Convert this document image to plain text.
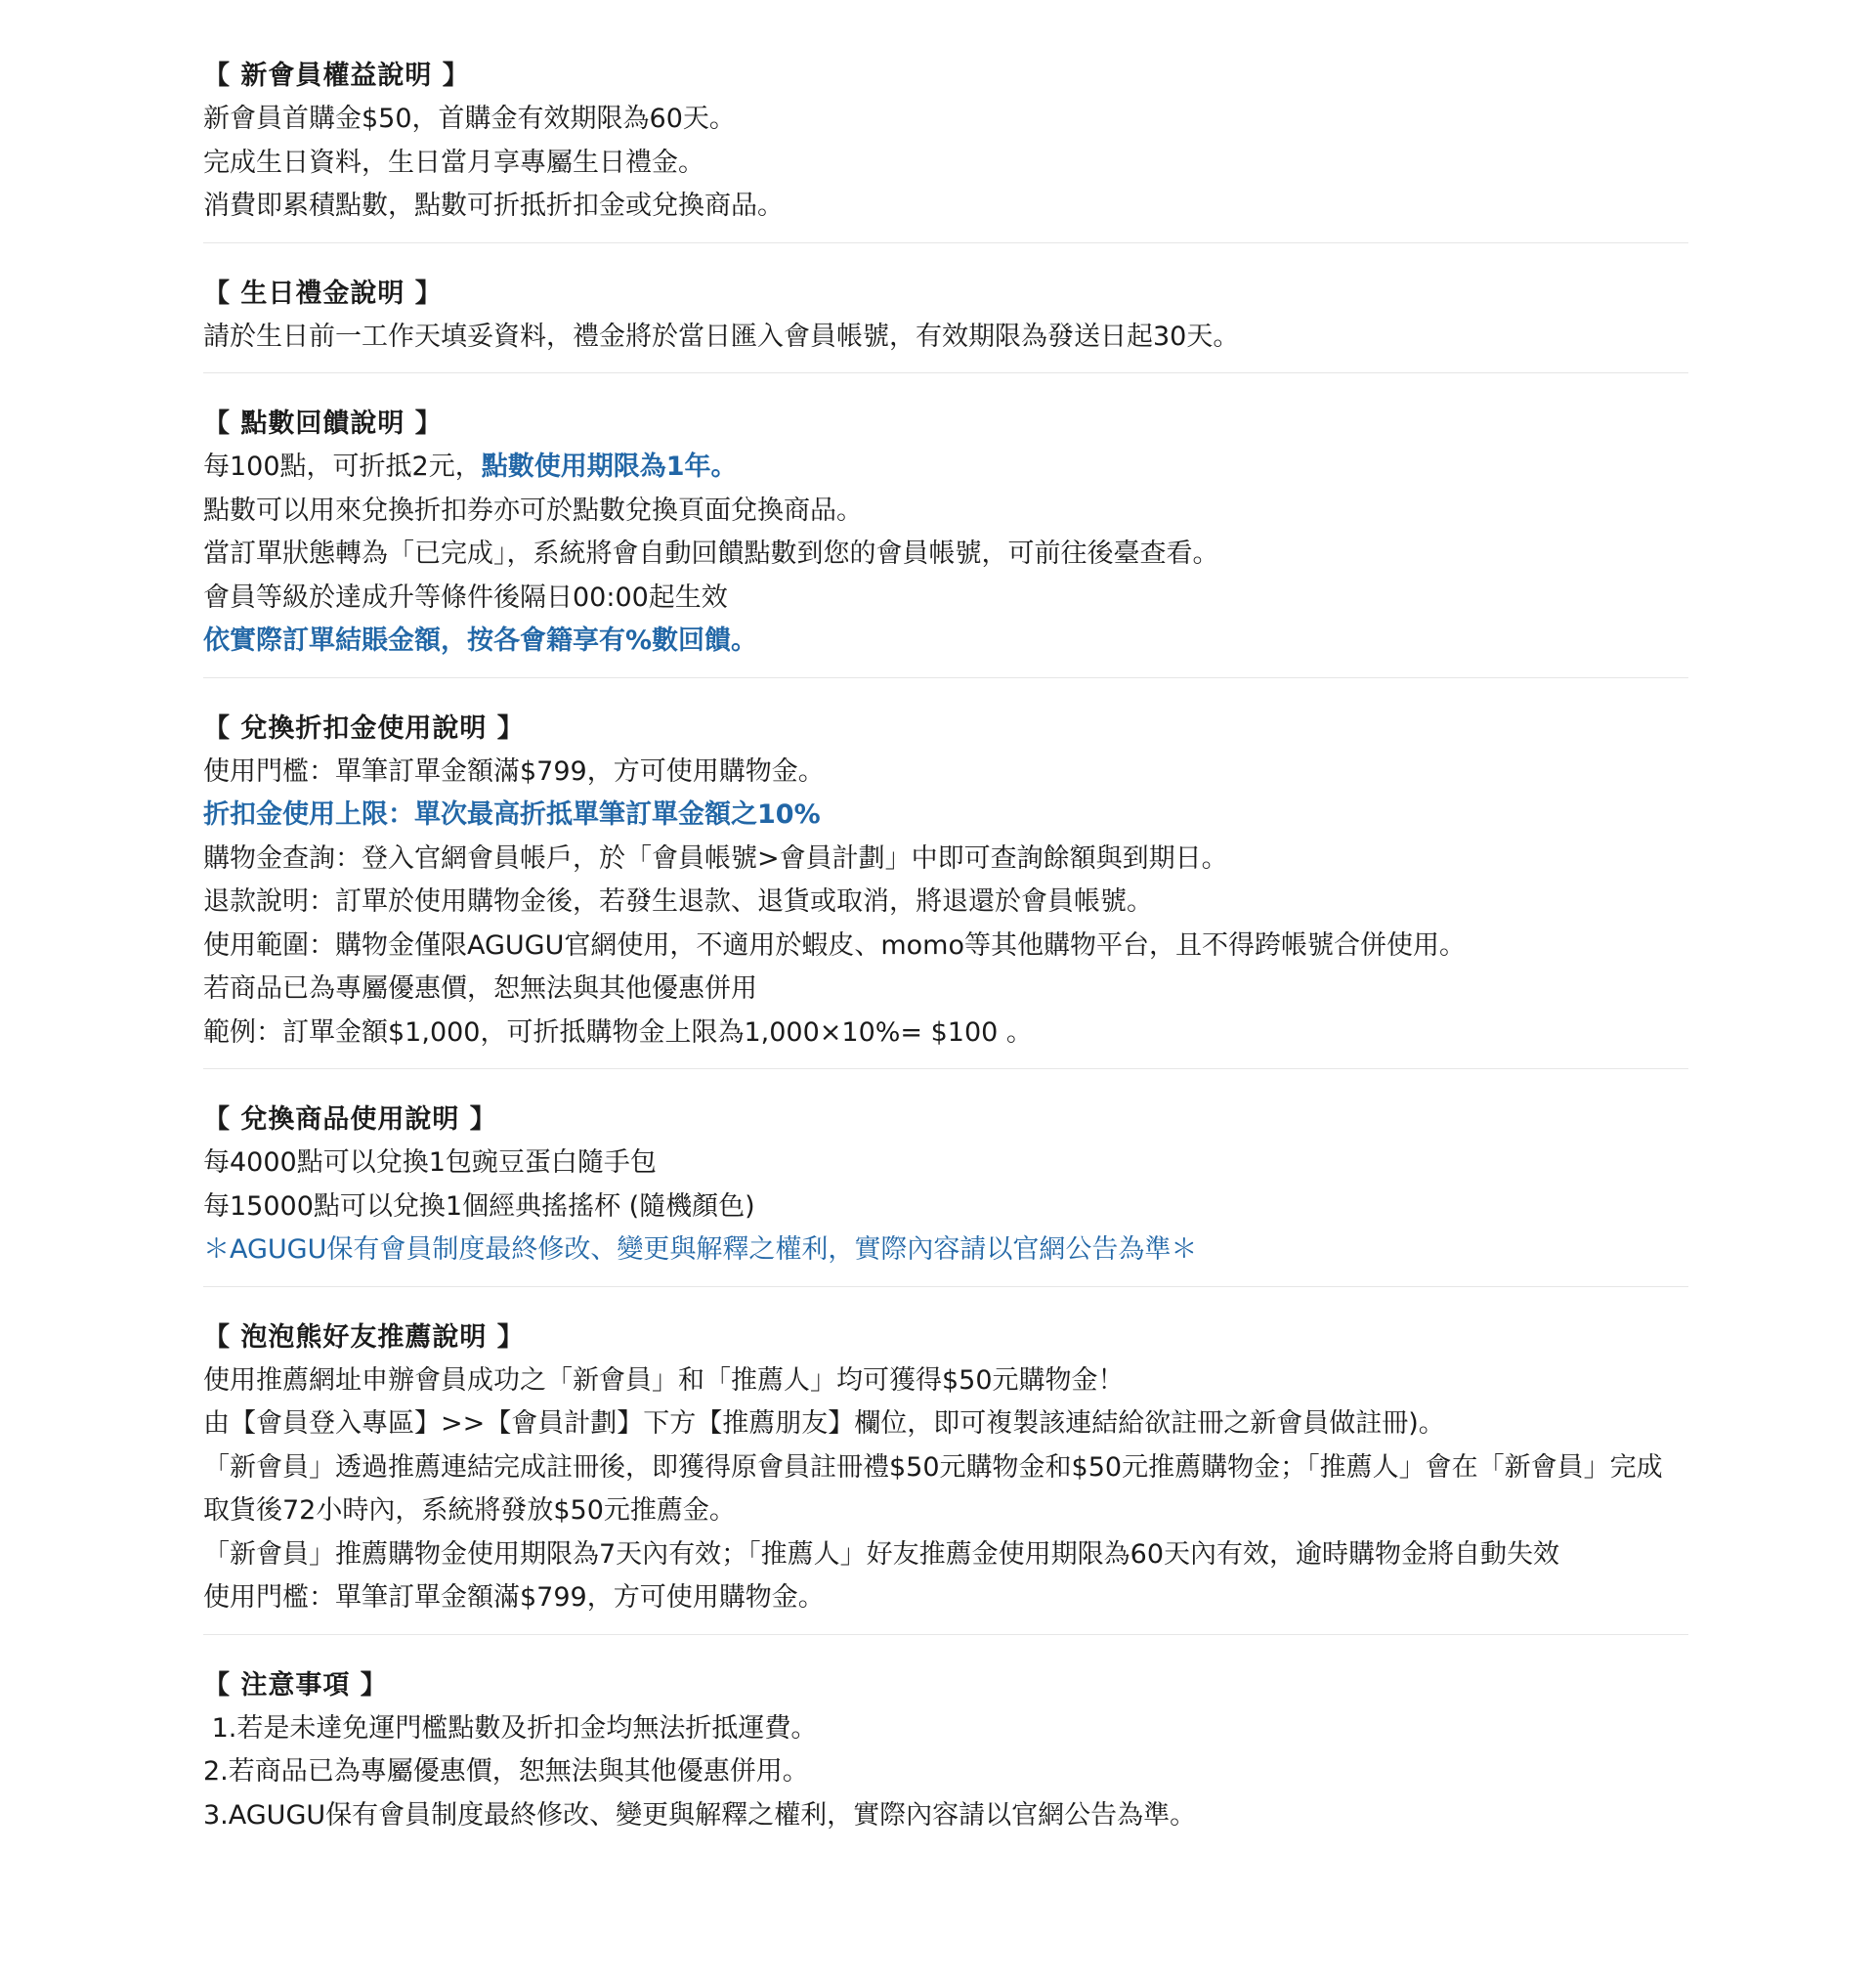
【 新會員權益說明 】
新會員首購金$50，首購金有效期限為60天。
完成生日資料，生日當月享專屬生日禮金。
消費即累積點數，點數可折抵折扣金或兌換商品。
【 生日禮金說明 】
請於生日前一工作天填妥資料，禮金將於當日匯入會員帳號，有效期限為發送日起30天。
【 點數回饋說明 】
每100點，可折抵2元，點數使用期限為1年。
點數可以用來兌換折扣券亦可於點數兌換頁面兌換商品。
當訂單狀態轉為「已完成」，系統將會自動回饋點數到您的會員帳號，可前往後臺查看。
會員等級於達成升等條件後隔日00:00起生效
依實際訂單結賬金額，按各會籍享有%數回饋。
【 兌換折扣金使用說明 】
使用門檻：單筆訂單金額滿$799，方可使用購物金。
折扣金使用上限：單次最高折抵單筆訂單金額之10%
購物金查詢：登入官網會員帳戶，於「會員帳號>會員計劃」中即可查詢餘額與到期日。
退款說明：訂單於使用購物金後，若發生退款、退貨或取消，將退還於會員帳號。
使用範圍：購物金僅限AGUGU官網使用，不適用於蝦皮、momo等其他購物平台，且不得跨帳號合併使用。
若商品已為專屬優惠價，恕無法與其他優惠併用
範例：訂單金額$1,000，可折抵購物金上限為1,000×10%= $100 。
【 兌換商品使用說明 】
每4000點可以兌換1包豌豆蛋白隨手包
每15000點可以兌換1個經典搖搖杯 (隨機顏色)
＊AGUGU保有會員制度最終修改、變更與解釋之權利，實際內容請以官網公告為準＊
【 泡泡熊好友推薦說明 】
使用推薦網址申辦會員成功之「新會員」和「推薦人」均可獲得$50元購物金！
由【會員登入專區】>>【會員計劃】下方【推薦朋友】欄位，即可複製該連結給欲註冊之新會員做註冊)。
「新會員」透過推薦連結完成註冊後，即獲得原會員註冊禮$50元購物金和$50元推薦購物金；「推薦人」會在「新會員」完成取貨後72小時內，系統將發放$50元推薦金。
「新會員」推薦購物金使用期限為7天內有效；「推薦人」好友推薦金使用期限為60天內有效，逾時購物金將自動失效
使用門檻：單筆訂單金額滿$799，方可使用購物金。
【 注意事項 】
1.若是未達免運門檻點數及折扣金均無法折抵運費。
2.若商品已為專屬優惠價，恕無法與其他優惠併用。
3.AGUGU保有會員制度最終修改、變更與解釋之權利，實際內容請以官網公告為準。
